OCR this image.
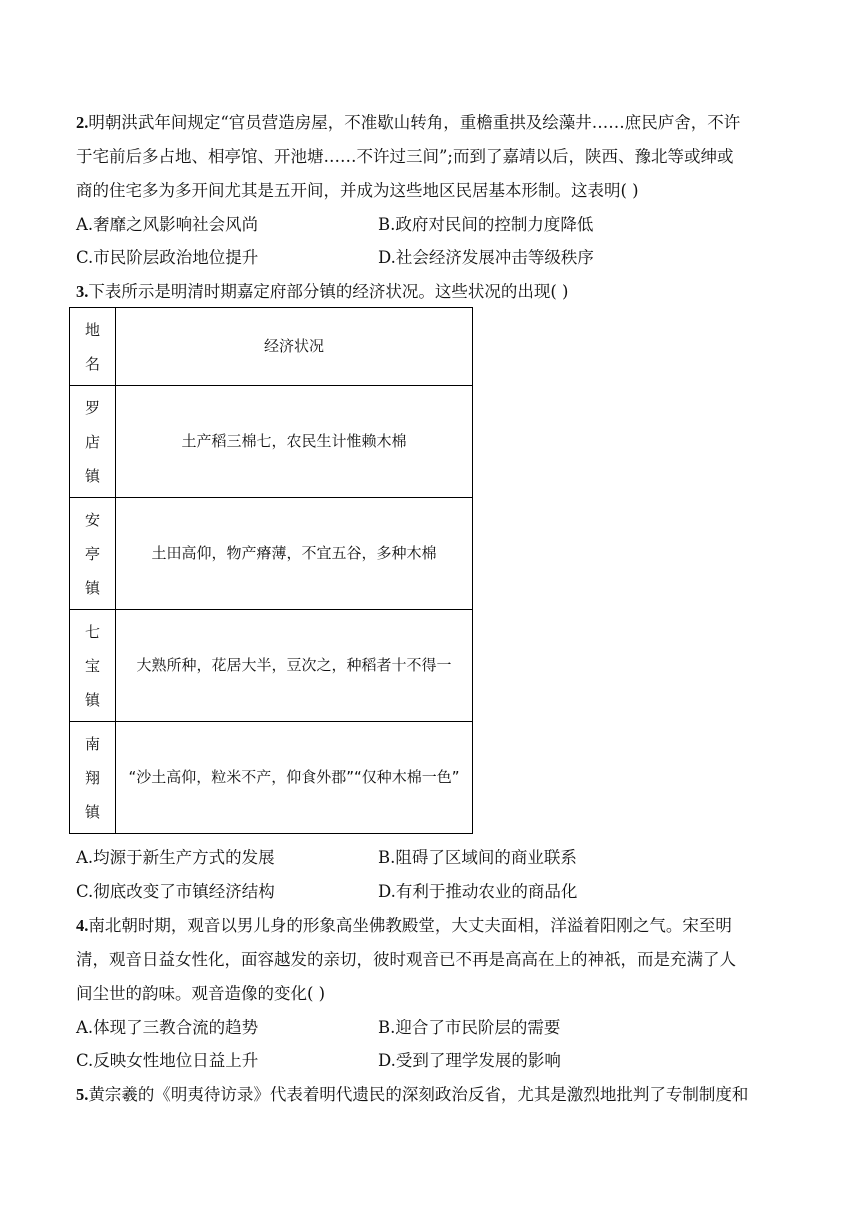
2.明朝洪武年间规定“官员营造房屋，不准歇山转角，重檐重拱及绘藻井……庶民庐舍，不许
于宅前后多占地、相亭馆、开池塘……不许过三间”;而到了嘉靖以后，陕西、豫北等或绅或
商的住宅多为多开间尤其是五开间，并成为这些地区民居基本形制。这表明( )
A.奢靡之风影响社会风尚	B.政府对民间的控制力度降低
C.市民阶层政治地位提升	D.社会经济发展冲击等级秩序
3.下表所示是明清时期嘉定府部分镇的经济状况。这些状况的出现( )
地名	经济状况

罗店镇	土产稻三棉七，农民生计惟赖木棉

安亭镇	土田高仰，物产瘠薄，不宜五谷，多种木棉

七宝镇	大熟所种，花居大半，豆次之，种稻者十不得一

南翔镇	“沙土高仰，粒米不产，仰食外郡”“仅种木棉一色”
A.均源于新生产方式的发展	B.阻碍了区域间的商业联系
C.彻底改变了市镇经济结构	D.有利于推动农业的商品化
4.南北朝时期，观音以男儿身的形象高坐佛教殿堂，大丈夫面相，洋溢着阳刚之气。宋至明
清，观音日益女性化，面容越发的亲切，彼时观音已不再是高高在上的神祇，而是充满了人
间尘世的韵味。观音造像的变化( )
A.体现了三教合流的趋势	B.迎合了市民阶层的需要
C.反映女性地位日益上升	D.受到了理学发展的影响
5.黄宗羲的《明夷待访录》代表着明代遗民的深刻政治反省，尤其是激烈地批判了专制制度和
